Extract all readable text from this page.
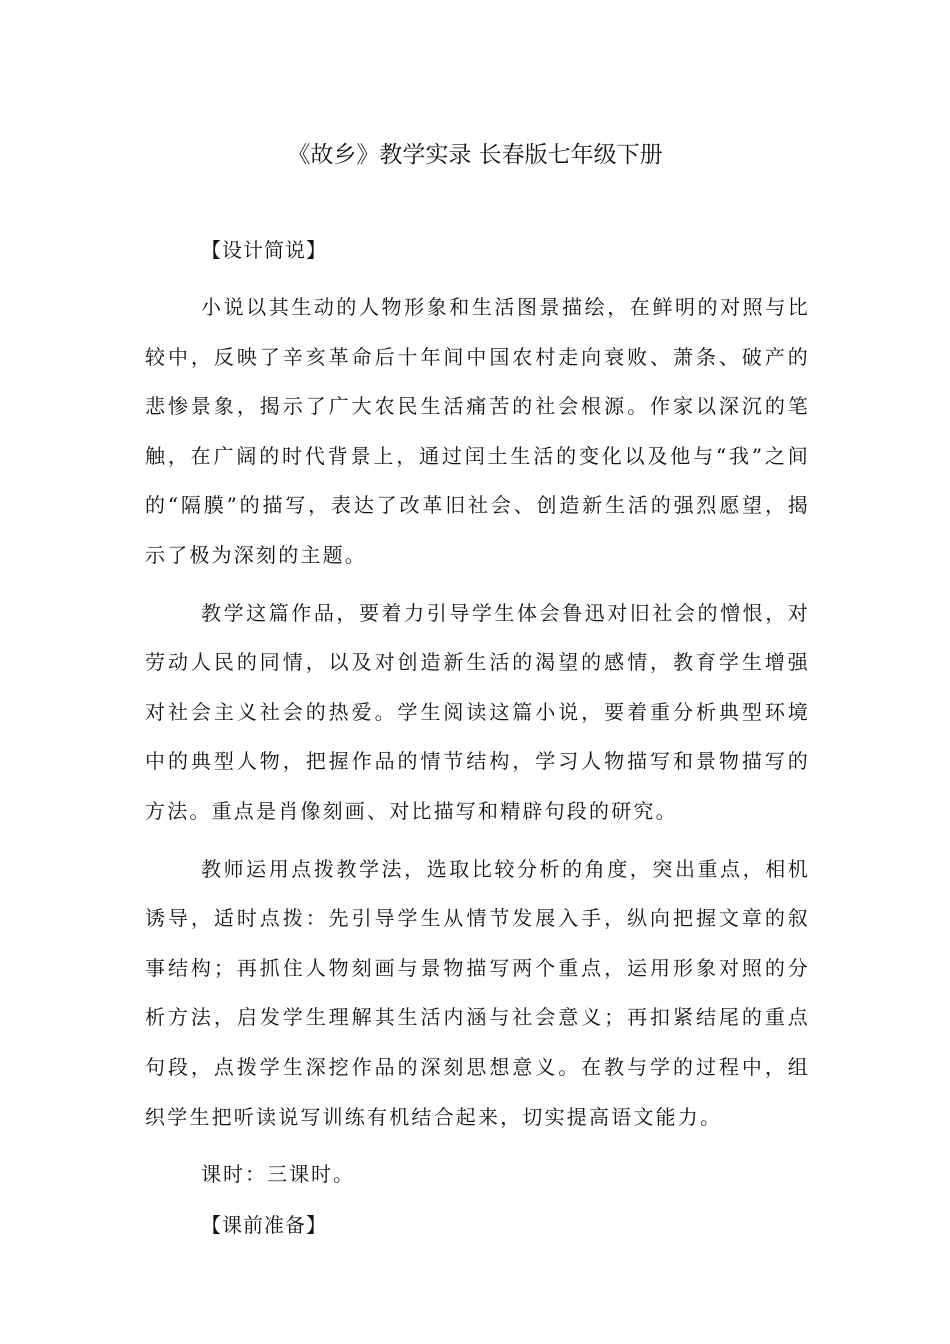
《故乡》教学实录 长春版七年级下册

【设计简说】

小说以其生动的人物形象和生活图景描绘，在鲜明的对照与比较中，反映了辛亥革命后十年间中国农村走向衰败、萧条、破产的悲惨景象，揭示了广大农民生活痛苦的社会根源。作家以深沉的笔触，在广阔的时代背景上，通过闰土生活的变化以及他与“我”之间的“隔膜”的描写，表达了改革旧社会、创造新生活的强烈愿望，揭示了极为深刻的主题。

教学这篇作品，要着力引导学生体会鲁迅对旧社会的憎恨，对劳动人民的同情，以及对创造新生活的渴望的感情，教育学生增强对社会主义社会的热爱。学生阅读这篇小说，要着重分析典型环境中的典型人物，把握作品的情节结构，学习人物描写和景物描写的方法。重点是肖像刻画、对比描写和精辟句段的研究。

教师运用点拨教学法，选取比较分析的角度，突出重点，相机诱导，适时点拨：先引导学生从情节发展入手，纵向把握文章的叙事结构；再抓住人物刻画与景物描写两个重点，运用形象对照的分析方法，启发学生理解其生活内涵与社会意义；再扣紧结尾的重点句段，点拨学生深挖作品的深刻思想意义。在教与学的过程中，组织学生把听读说写训练有机结合起来，切实提高语文能力。

课时：三课时。

【课前准备】
